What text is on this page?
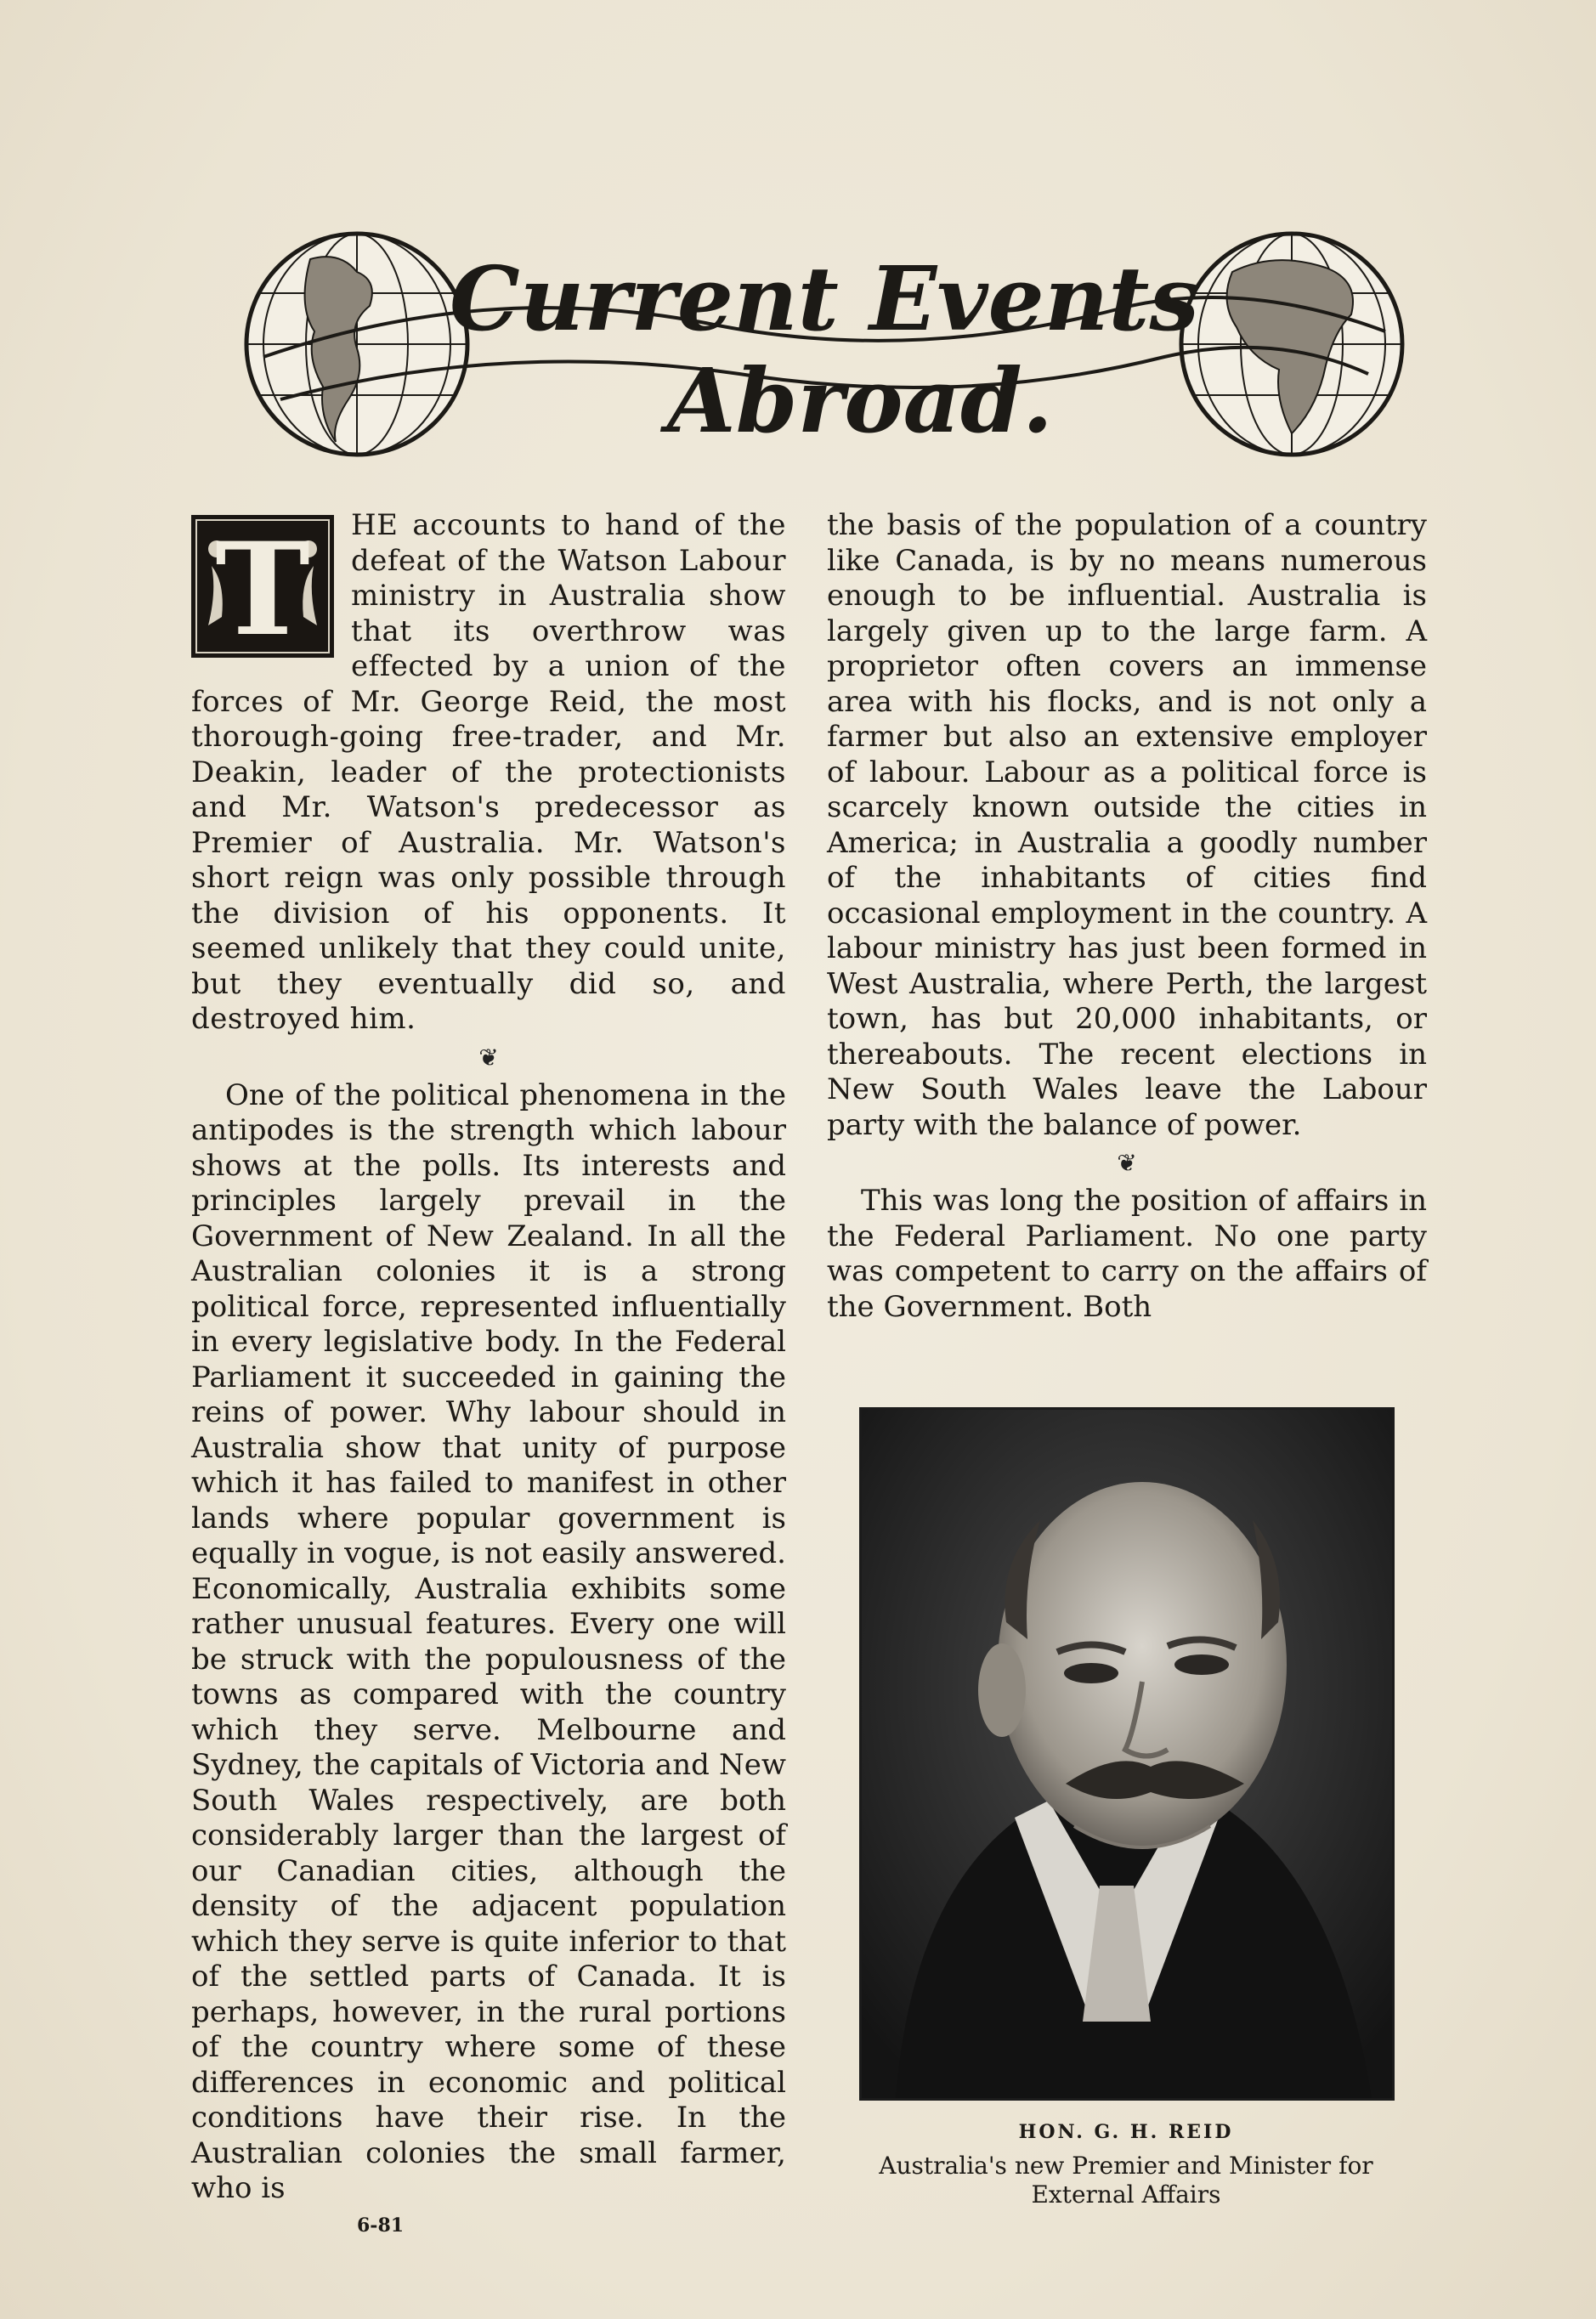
Current Events
Abroad.
T	HE accounts to hand of the defeat of the Watson Labour ministry in Australia show that its overthrow was effected by a union of the forces of Mr. George Reid, the most thorough-going free-trader, and Mr. Deakin, leader of the protectionists and Mr. Watson's predecessor as Premier of Australia. Mr. Watson's short reign was only possible through the division of his opponents. It seemed unlikely that they could unite, but they eventually did so, and destroyed him.

❦

One of the political phenomena in the antipodes is the strength which labour shows at the polls. Its interests and principles largely prevail in the Government of New Zealand. In all the Australian colonies it is a strong political force, represented influentially in every legislative body. In the Federal Parliament it succeeded in gaining the reins of power. Why labour should in Australia show that unity of purpose which it has failed to manifest in other lands where popular government is equally in vogue, is not easily answered. Economically, Australia exhibits some rather unusual features. Every one will be struck with the populousness of the towns as compared with the country which they serve. Melbourne and Sydney, the capitals of Victoria and New South Wales respectively, are both considerably larger than the largest of our Canadian cities, although the density of the adjacent population which they serve is quite inferior to that of the settled parts of Canada. It is perhaps, however, in the rural portions of the country where some of these differences in economic and political conditions have their rise. In the Australian colonies the small farmer, who is

the basis of the population of a country like Canada, is by no means numerous enough to be influential. Australia is largely given up to the large farm. A proprietor often covers an immense area with his flocks, and is not only a farmer but also an extensive employer of labour. Labour as a political force is scarcely known outside the cities in America; in Australia a goodly number of the inhabitants of cities find occasional employment in the country. A labour ministry has just been formed in West Australia, where Perth, the largest town, has but 20,000 inhabitants, or thereabouts. The recent elections in New South Wales leave the Labour party with the balance of power.

❦

This was long the position of affairs in the Federal Parliament. No one party was competent to carry on the affairs of the Government. Both

HON. G. H. REID
Australia's new Premier and Minister for
External Affairs
6-81
